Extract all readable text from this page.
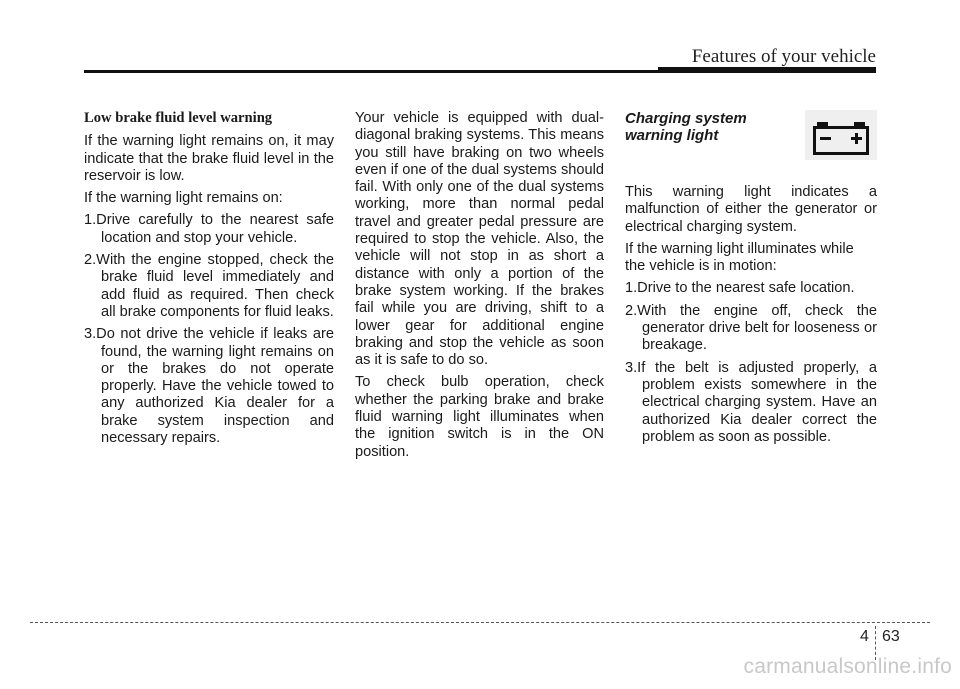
Features of your vehicle

Low brake fluid level warning

If the warning light remains on, it may indicate that the brake fluid level in the reservoir is low.

If the warning light remains on:

1.Drive carefully to the nearest safe location and stop your vehicle.
2.With the engine stopped, check the brake fluid level immediately and add fluid as required. Then check all brake components for fluid leaks.
3.Do not drive the vehicle if leaks are found, the warning light remains on or the brakes do not operate properly. Have the vehicle towed to any authorized Kia dealer for a brake system inspection and necessary repairs.

Your vehicle is equipped with dual-diagonal braking systems. This means you still have braking on two wheels even if one of the dual systems should fail. With only one of the dual systems working, more than normal pedal travel and greater pedal pressure are required to stop the vehicle. Also, the vehicle will not stop in as short a distance with only a portion of the brake system working. If the brakes fail while you are driving, shift to a lower gear for additional engine braking and stop the vehicle as soon as it is safe to do so.

To check bulb operation, check whether the parking brake and brake fluid warning light illuminates when the ignition switch is in the ON position.

Charging system warning light

This warning light indicates a malfunction of either the generator or electrical charging system.

If the warning light illuminates while the vehicle is in motion:

1.Drive to the nearest safe location.
2.With the engine off, check the generator drive belt for looseness or breakage.
3.If the belt is adjusted properly, a problem exists somewhere in the electrical charging system. Have an authorized Kia dealer correct the problem as soon as possible.
4 63
carmanualsonline.info
